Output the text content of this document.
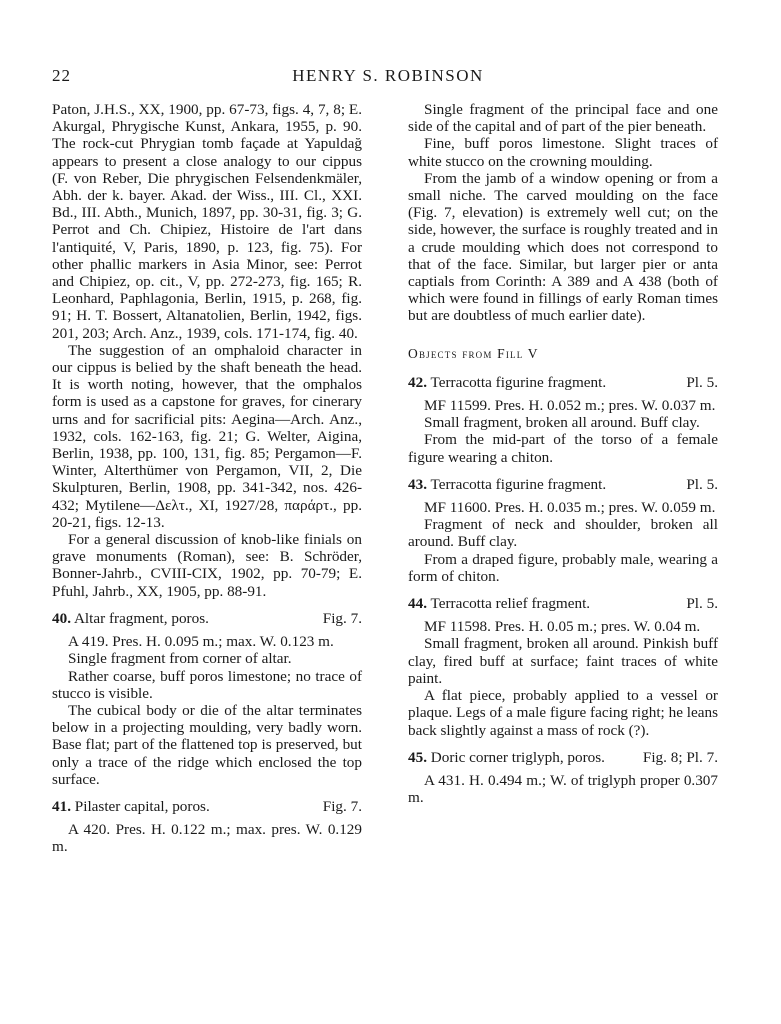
22	HENRY S. ROBINSON

Paton, J.H.S., XX, 1900, pp. 67-73, figs. 4, 7, 8; E. Akurgal, Phrygische Kunst, Ankara, 1955, p. 90. The rock-cut Phrygian tomb façade at Yapuldağ appears to present a close analogy to our cippus (F. von Reber, Die phrygischen Felsendenkmäler, Abh. der k. bayer. Akad. der Wiss., III. Cl., XXI. Bd., III. Abth., Munich, 1897, pp. 30-31, fig. 3; G. Perrot and Ch. Chipiez, Histoire de l'art dans l'antiquité, V, Paris, 1890, p. 123, fig. 75). For other phallic markers in Asia Minor, see: Perrot and Chipiez, op. cit., V, pp. 272-273, fig. 165; R. Leonhard, Paphlagonia, Berlin, 1915, p. 268, fig. 91; H. T. Bossert, Altanatolien, Berlin, 1942, figs. 201, 203; Arch. Anz., 1939, cols. 171-174, fig. 40.

The suggestion of an omphaloid character in our cippus is belied by the shaft beneath the head. It is worth noting, however, that the omphalos form is used as a capstone for graves, for cinerary urns and for sacrificial pits: Aegina—Arch. Anz., 1932, cols. 162-163, fig. 21; G. Welter, Aigina, Berlin, 1938, pp. 100, 131, fig. 85; Pergamon—F. Winter, Alterthümer von Pergamon, VII, 2, Die Skulpturen, Berlin, 1908, pp. 341-342, nos. 426-432; Mytilene—Δελτ., XI, 1927/28, παράρτ., pp. 20-21, figs. 12-13.

For a general discussion of knob-like finials on grave monuments (Roman), see: B. Schröder, Bonner-Jahrb., CVIII-CIX, 1902, pp. 70-79; E. Pfuhl, Jahrb., XX, 1905, pp. 88-91.

40. Altar fragment, poros.	Fig. 7.

A 419. Pres. H. 0.095 m.; max. W. 0.123 m.

Single fragment from corner of altar.

Rather coarse, buff poros limestone; no trace of stucco is visible.

The cubical body or die of the altar terminates below in a projecting moulding, very badly worn. Base flat; part of the flattened top is preserved, but only a trace of the ridge which enclosed the top surface.

41. Pilaster capital, poros.	Fig. 7.

A 420. Pres. H. 0.122 m.; max. pres. W. 0.129 m.

Single fragment of the principal face and one side of the capital and of part of the pier beneath.

Fine, buff poros limestone. Slight traces of white stucco on the crowning moulding.

From the jamb of a window opening or from a small niche. The carved moulding on the face (Fig. 7, elevation) is extremely well cut; on the side, however, the surface is roughly treated and in a crude moulding which does not correspond to that of the face. Similar, but larger pier or anta captials from Corinth: A 389 and A 438 (both of which were found in fillings of early Roman times but are doubtless of much earlier date).

Objects from Fill V

42. Terracotta figurine fragment.	Pl. 5.

MF 11599. Pres. H. 0.052 m.; pres. W. 0.037 m.

Small fragment, broken all around. Buff clay.

From the mid-part of the torso of a female figure wearing a chiton.

43. Terracotta figurine fragment.	Pl. 5.

MF 11600. Pres. H. 0.035 m.; pres. W. 0.059 m.

Fragment of neck and shoulder, broken all around. Buff clay.

From a draped figure, probably male, wearing a form of chiton.

44. Terracotta relief fragment.	Pl. 5.

MF 11598. Pres. H. 0.05 m.; pres. W. 0.04 m.

Small fragment, broken all around. Pinkish buff clay, fired buff at surface; faint traces of white paint.

A flat piece, probably applied to a vessel or plaque. Legs of a male figure facing right; he leans back slightly against a mass of rock (?).

45. Doric corner triglyph, poros. Fig. 8; Pl. 7.

A 431. H. 0.494 m.; W. of triglyph proper 0.307 m.
